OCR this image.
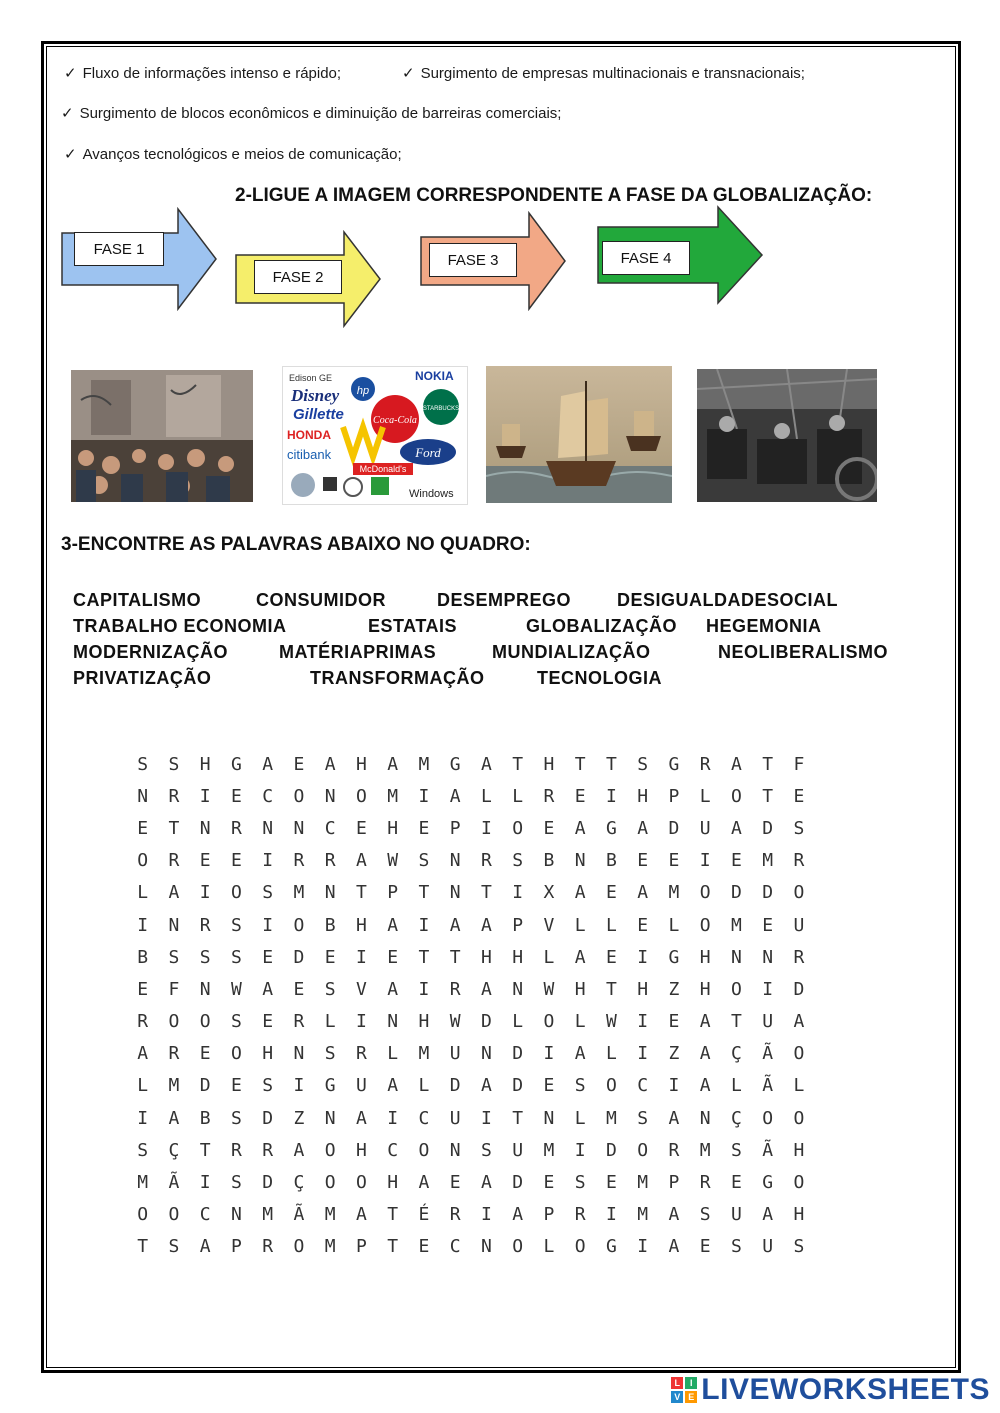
✓ Fluxo de informações intenso e rápido;	✓ Surgimento de empresas multinacionais e transnacionais;
✓ Surgimento de blocos econômicos e diminuição de barreiras comerciais;
✓ Avanços tecnológicos e meios de comunicação;
2-LIGUE A IMAGEM CORRESPONDENTE A FASE DA GLOBALIZAÇÃO:
FASE 1
FASE 2
FASE 3	FASE 4
hp
Edison GE	NOKIA
Disney
Gillette
HONDA
Coca-Cola
STARBUCKS
citibank
McDonald's
Ford
Windows
3-ENCONTRE AS PALAVRAS ABAIXO NO QUADRO:
CAPITALISMO	CONSUMIDOR	DESEMPREGO	DESIGUALDADESOCIAL
TRABALHO ECONOMIA	ESTATAIS	GLOBALIZAÇÃO HEGEMONIA
MODERNIZAÇÃO	MATÉRIAPRIMAS	MUNDIALIZAÇÃO	NEOLIBERALISMO
PRIVATIZAÇÃO	TRANSFORMAÇÃO	TECNOLOGIA
S	S	H	G	A	E	A	H	A	M	G	A	T	H	T	T	S	G	R	A	T	F
N	R	I	E	C	O	N	O	M	I	A	L	L	R	E	I	H	P	L	O	T	E
E	T	N	R	N	N	C	E	H	E	P	I	O	E	A	G	A	D	U	A	D	S
O	R	E	E	I	R	R	A	W	S	N	R	S	B	N	B	E	E	I	E	M	R
L	A	I	O	S	M	N	T	P	T	N	T	I	X	A	E	A	M	O	D	D	O
I	N	R	S	I	O	B	H	A	I	A	A	P	V	L	L	E	L	O	M	E	U
B	S	S	S	E	D	E	I	E	T	T	H	H	L	A	E	I	G	H	N	N	R
E	F	N	W	A	E	S	V	A	I	R	A	N	W	H	T	H	Z	H	O	I	D
R	O	O	S	E	R	L	I	N	H	W	D	L	O	L	W	I	E	A	T	U	A
A	R	E	O	H	N	S	R	L	M	U	N	D	I	A	L	I	Z	A	Ç	Ã	O
L	M	D	E	S	I	G	U	A	L	D	A	D	E	S	O	C	I	A	L	Ã	L
I	A	B	S	D	Z	N	A	I	C	U	I	T	N	L	M	S	A	N	Ç	O	O
S	Ç	T	R	R	A	O	H	C	O	N	S	U	M	I	D	O	R	M	S	Ã	H
M	Ã	I	S	D	Ç	O	O	H	A	E	A	D	E	S	E	M	P	R	E	G	O
O	O	C	N	M	Ã	M	A	T	É	R	I	A	P	R	I	M	A	S	U	A	H
T	S	A	P	R	O	M	P	T	E	C	N	O	L	O	G	I	A	E	S	U	S
L	I
V E LIVEWORKSHEETS
